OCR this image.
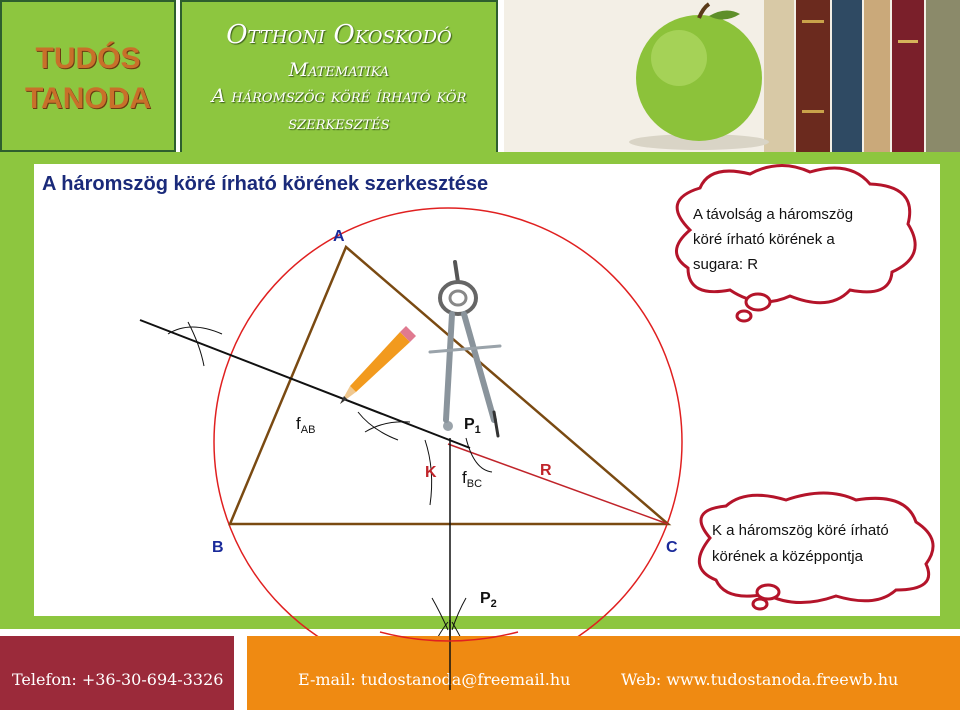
TUDÓS
TANODA
Otthoni Okoskodó
Matematika
A háromszög köré írható kör
szerkesztés
A háromszög köré írható körének szerkesztése
A
B	C
K	R
$f_{AB}$
$f_{BC}$
$P_1$
$P_2$
A távolság a háromszög
köré írható körének a
sugara: R
K a háromszög köré írható
körének a középpontja
Telefon: +36-30-694-3326	E-mail: tudostanoda@freemail.hu	Web: www.tudostanoda.freewb.hu
